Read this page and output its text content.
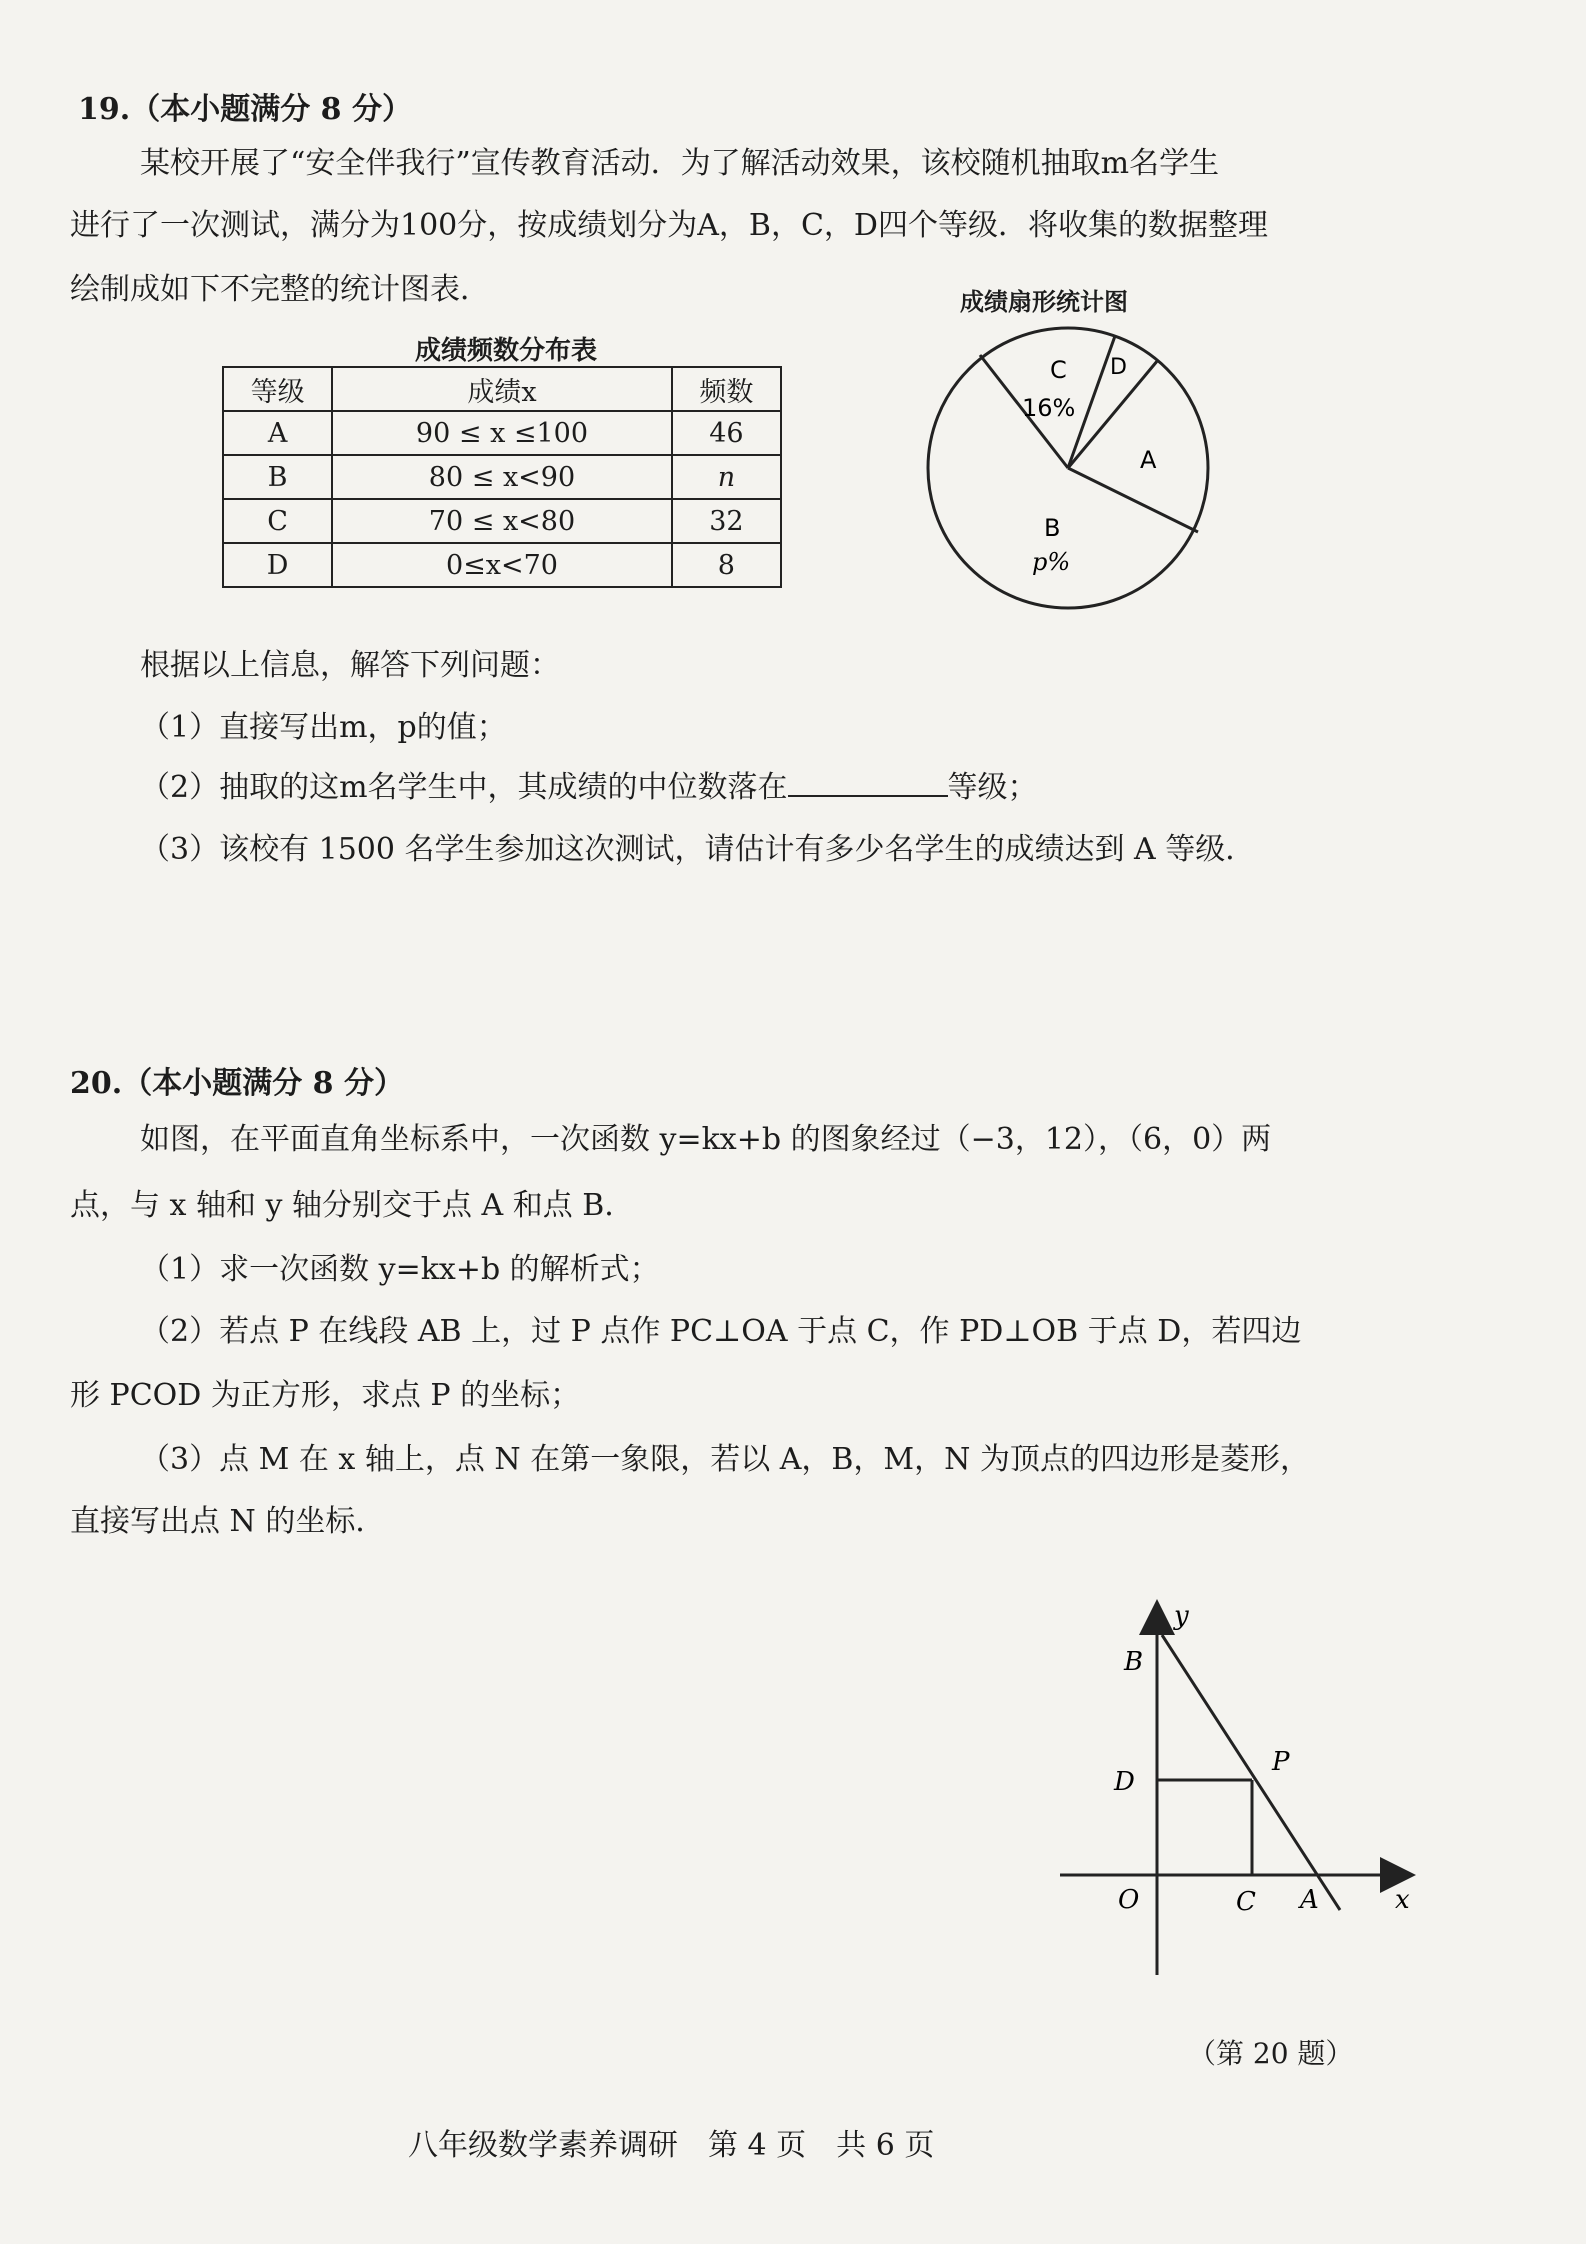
19.（本小题满分 8 分）
某校开展了“安全伴我行”宣传教育活动．为了解活动效果，该校随机抽取m名学生
进行了一次测试，满分为100分，按成绩划分为A，B，C，D四个等级．将收集的数据整理
绘制成如下不完整的统计图表．
成绩频数分布表
等级	成绩x	频数
A	90 ≤ x ≤100	46
B	80 ≤ x<90	n
C	70 ≤ x<80	32
D	0≤x<70	8
成绩扇形统计图
C
16%
D
A
B
p%
根据以上信息，解答下列问题：
（1）直接写出m，p的值；
（2）抽取的这m名学生中，其成绩的中位数落在	等级；
（3）该校有 1500 名学生参加这次测试，请估计有多少名学生的成绩达到 A 等级．
20.（本小题满分 8 分）
如图，在平面直角坐标系中，一次函数 y=kx+b 的图象经过（−3，12），（6，0）两
点，与 x 轴和 y 轴分别交于点 A 和点 B．
（1）求一次函数 y=kx+b 的解析式；
（2）若点 P 在线段 AB 上，过 P 点作 PC⊥OA 于点 C，作 PD⊥OB 于点 D，若四边
形 PCOD 为正方形，求点 P 的坐标；
（3）点 M 在 x 轴上，点 N 在第一象限，若以 A，B，M，N 为顶点的四边形是菱形，
直接写出点 N 的坐标．
y
x
B
D
P
O	C A
（第 20 题）
八年级数学素养调研　第 4 页　共 6 页
